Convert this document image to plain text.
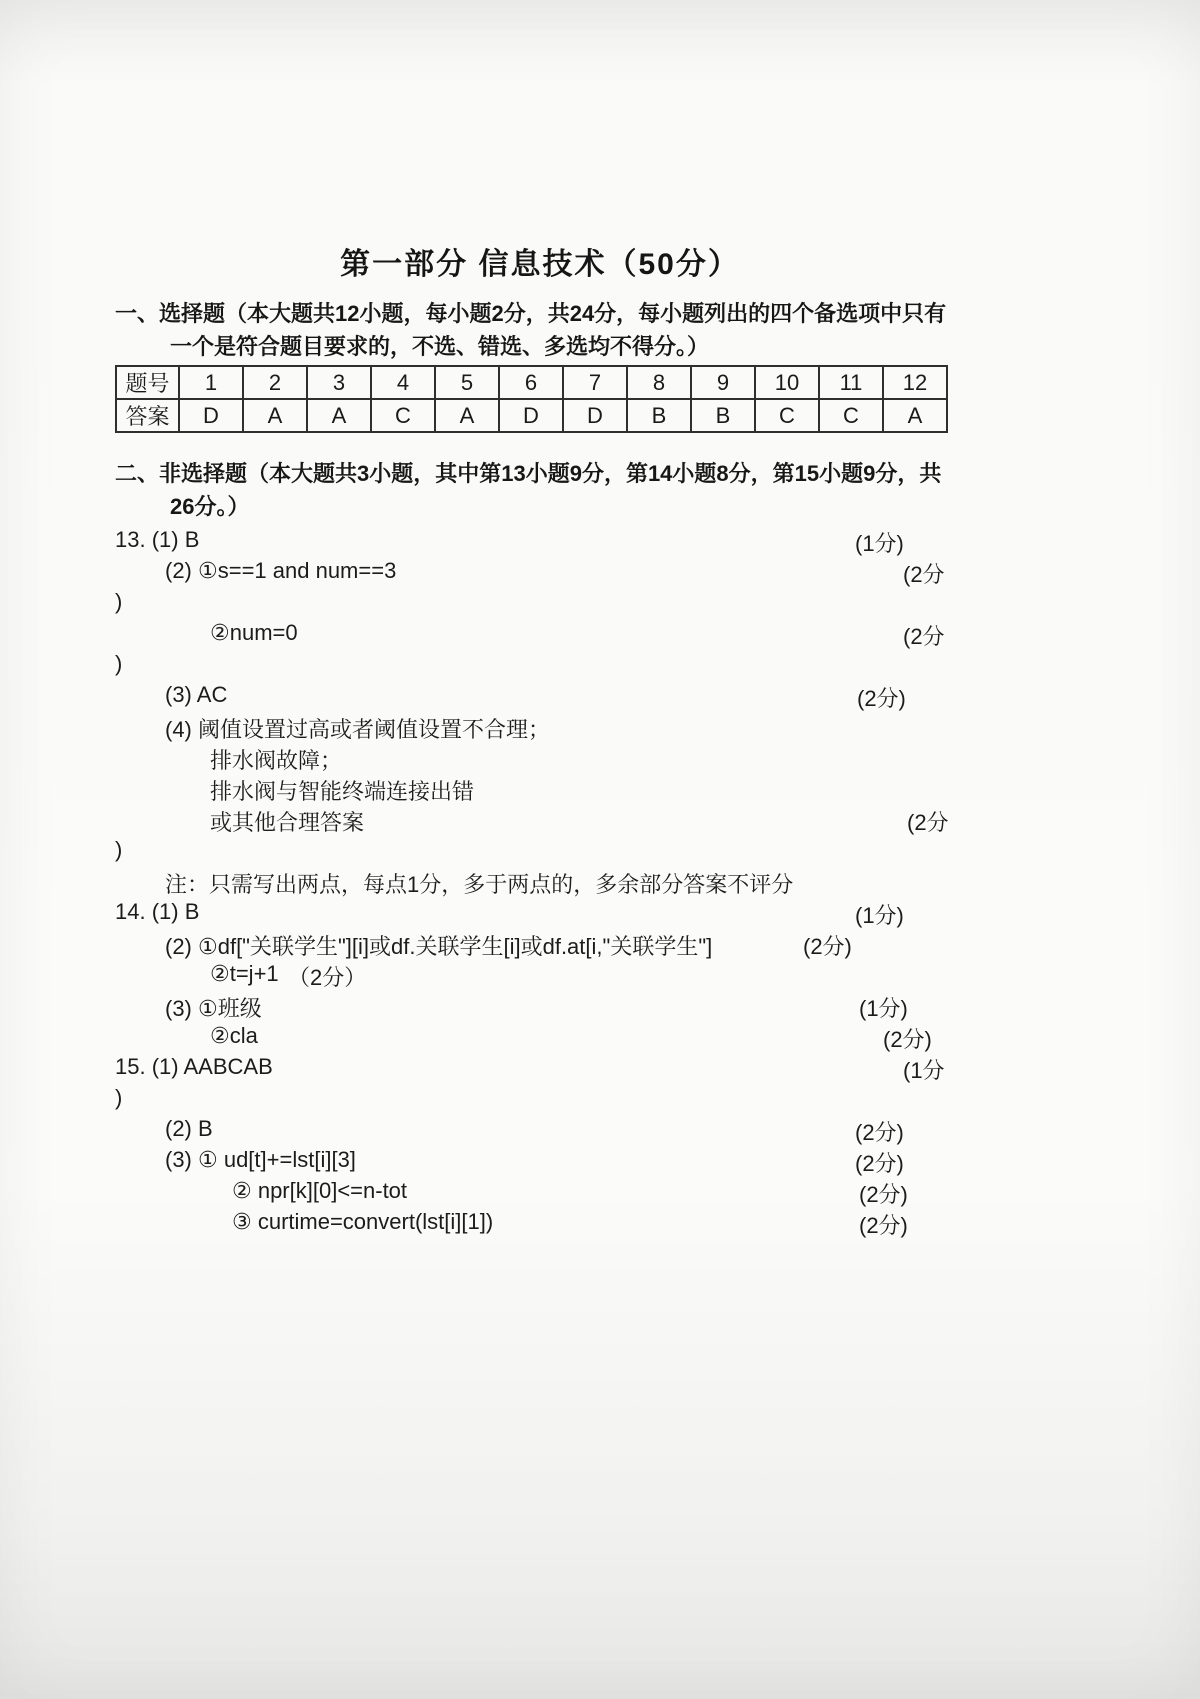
第一部分 信息技术（50分）
一、选择题（本大题共12小题，每小题2分，共24分，每小题列出的四个备选项中只有
一个是符合题目要求的，不选、错选、多选均不得分。）
题号	1	2	3	4	5	6	7	8	9	10	11	12
答案	D	A	A	C	A	D	D	B	B	C	C	A
二、非选择题（本大题共3小题，其中第13小题9分，第14小题8分，第15小题9分，共
26分。）
13. (1) B	(1分)
(2) ①s==1 and num==3	(2分
)
②num=0	(2分
)
(3) AC	(2分)
(4) 阈值设置过高或者阈值设置不合理；
排水阀故障；
排水阀与智能终端连接出错
或其他合理答案	(2分
)
注：只需写出两点，每点1分，多于两点的，多余部分答案不评分
14. (1) B	(1分)
(2) ①df["关联学生"][i]或df.关联学生[i]或df.at[i,"关联学生"]	(2分)
②t=j+1 （2分）
(3) ①班级	(1分)
②cla	(2分)
15. (1) AABCAB	(1分
)
(2) B	(2分)
(3) ① ud[t]+=lst[i][3]	(2分)
② npr[k][0]<=n-tot	(2分)
③ curtime=convert(lst[i][1])	(2分)
